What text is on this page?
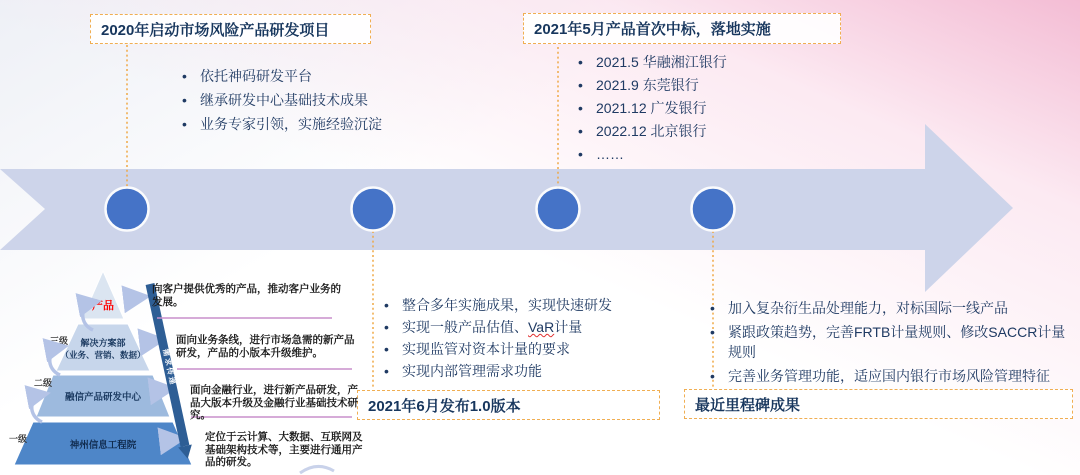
产品
解决方案部
（业务、营销、数据）
融信产品研发中心
神州信息工程院
三级
二级
一级
需求传递
2020年启动市场风险产品研发项目	2021年5月产品首次中标，落地实施
2021年6月发布1.0版本	最近里程碑成果
• 依托神码研发平台
• 继承研发中心基础技术成果
• 业务专家引领，实施经验沉淀
• 2021.5 华融湘江银行
• 2021.9 东莞银行
• 2021.12 广发银行
• 2022.12 北京银行
• ……
• 整合多年实施成果，实现快速研发
• 实现一般产品估值、VaR计量
• 实现监管对资本计量的要求
• 实现内部管理需求功能
• 加入复杂衍生品处理能力，对标国际一线产品
• 紧跟政策趋势，完善FRTB计量规则、修改SACCR计量规则
• 完善业务管理功能，适应国内银行市场风险管理特征
向客户提供优秀的产品，推动客户业务的发展。
面向业务条线，进行市场急需的新产品研发，产品的小版本升级维护。
面向金融行业，进行新产品研发，产品大版本升级及金融行业基础技术研究。
定位于云计算、大数据、互联网及基础架构技术等，主要进行通用产品的研发。
